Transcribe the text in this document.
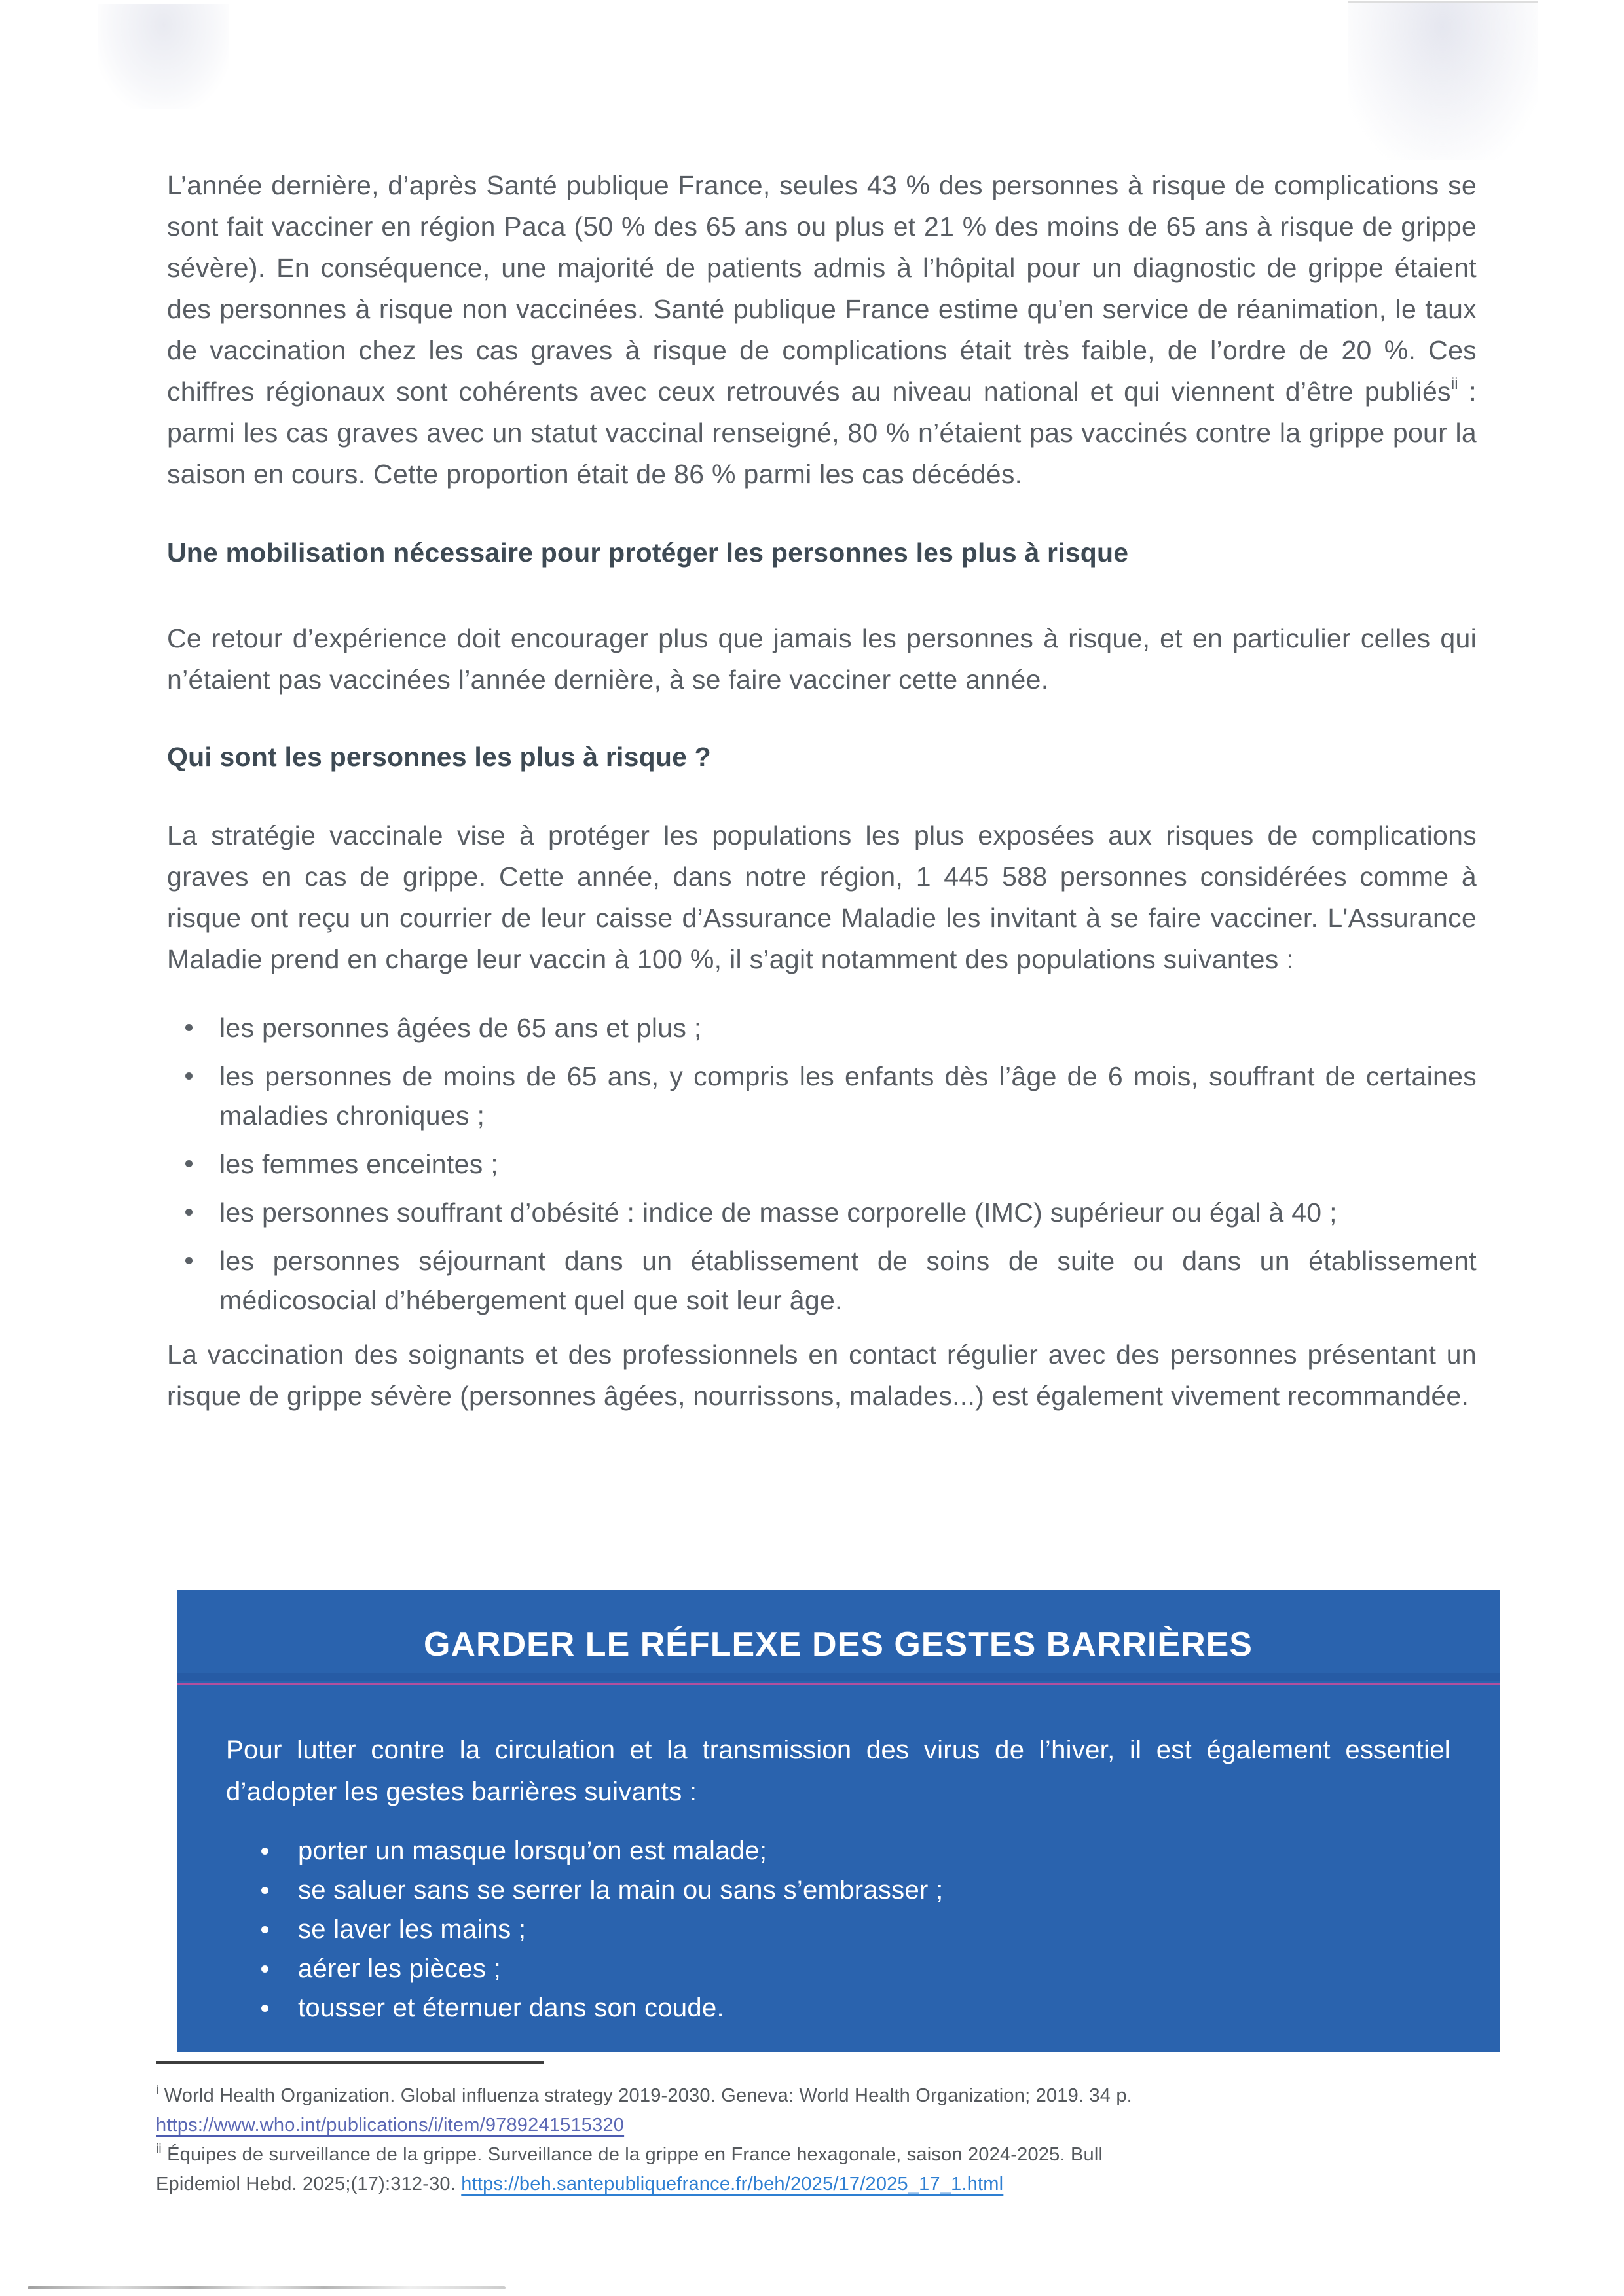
L’année dernière, d’après Santé publique France, seules 43 % des personnes à risque de complications se sont fait vacciner en région Paca (50 % des 65 ans ou plus et 21 % des moins de 65 ans à risque de grippe sévère). En conséquence, une majorité de patients admis à l’hôpital pour un diagnostic de grippe étaient des personnes à risque non vaccinées. Santé publique France estime qu’en service de réanimation, le taux de vaccination chez les cas graves à risque de complications était très faible, de l’ordre de 20 %. Ces chiffres régionaux sont cohérents avec ceux retrouvés au niveau national et qui viennent d’être publiés$^{ii}$ : parmi les cas graves avec un statut vaccinal renseigné, 80 % n’étaient pas vaccinés contre la grippe pour la saison en cours. Cette proportion était de 86 % parmi les cas décédés.

Une mobilisation nécessaire pour protéger les personnes les plus à risque

Ce retour d’expérience doit encourager plus que jamais les personnes à risque, et en particulier celles qui n’étaient pas vaccinées l’année dernière, à se faire vacciner cette année.

Qui sont les personnes les plus à risque ?

La stratégie vaccinale vise à protéger les populations les plus exposées aux risques de complications graves en cas de grippe. Cette année, dans notre région, 1 445 588 personnes considérées comme à risque ont reçu un courrier de leur caisse d’Assurance Maladie les invitant à se faire vacciner. L'Assurance Maladie prend en charge leur vaccin à 100 %, il s’agit notamment des populations suivantes :

les personnes âgées de 65 ans et plus ;
les personnes de moins de 65 ans, y compris les enfants dès l’âge de 6 mois, souffrant de certaines maladies chroniques ;
les femmes enceintes ;
les personnes souffrant d’obésité : indice de masse corporelle (IMC) supérieur ou égal à 40 ;
les personnes séjournant dans un établissement de soins de suite ou dans un établissement médicosocial d’hébergement quel que soit leur âge.

La vaccination des soignants et des professionnels en contact régulier avec des personnes présentant un risque de grippe sévère (personnes âgées, nourrissons, malades...) est également vivement recommandée.

GARDER LE RÉFLEXE DES GESTES BARRIÈRES

Pour lutter contre la circulation et la transmission des virus de l’hiver, il est également essentiel d’adopter les gestes barrières suivants :

porter un masque lorsqu’on est malade;
se saluer sans se serrer la main ou sans s’embrasser ;
se laver les mains ;
aérer les pièces ;
tousser et éternuer dans son coude.

$^i$ World Health Organization. Global influenza strategy 2019-2030. Geneva: World Health Organization; 2019. 34 p.

https://www.who.int/publications/i/item/9789241515320

$^{ii}$ Équipes de surveillance de la grippe. Surveillance de la grippe en France hexagonale, saison 2024-2025. Bull

Epidemiol Hebd. 2025;(17):312-30. https://beh.santepubliquefrance.fr/beh/2025/17/2025_17_1.html
